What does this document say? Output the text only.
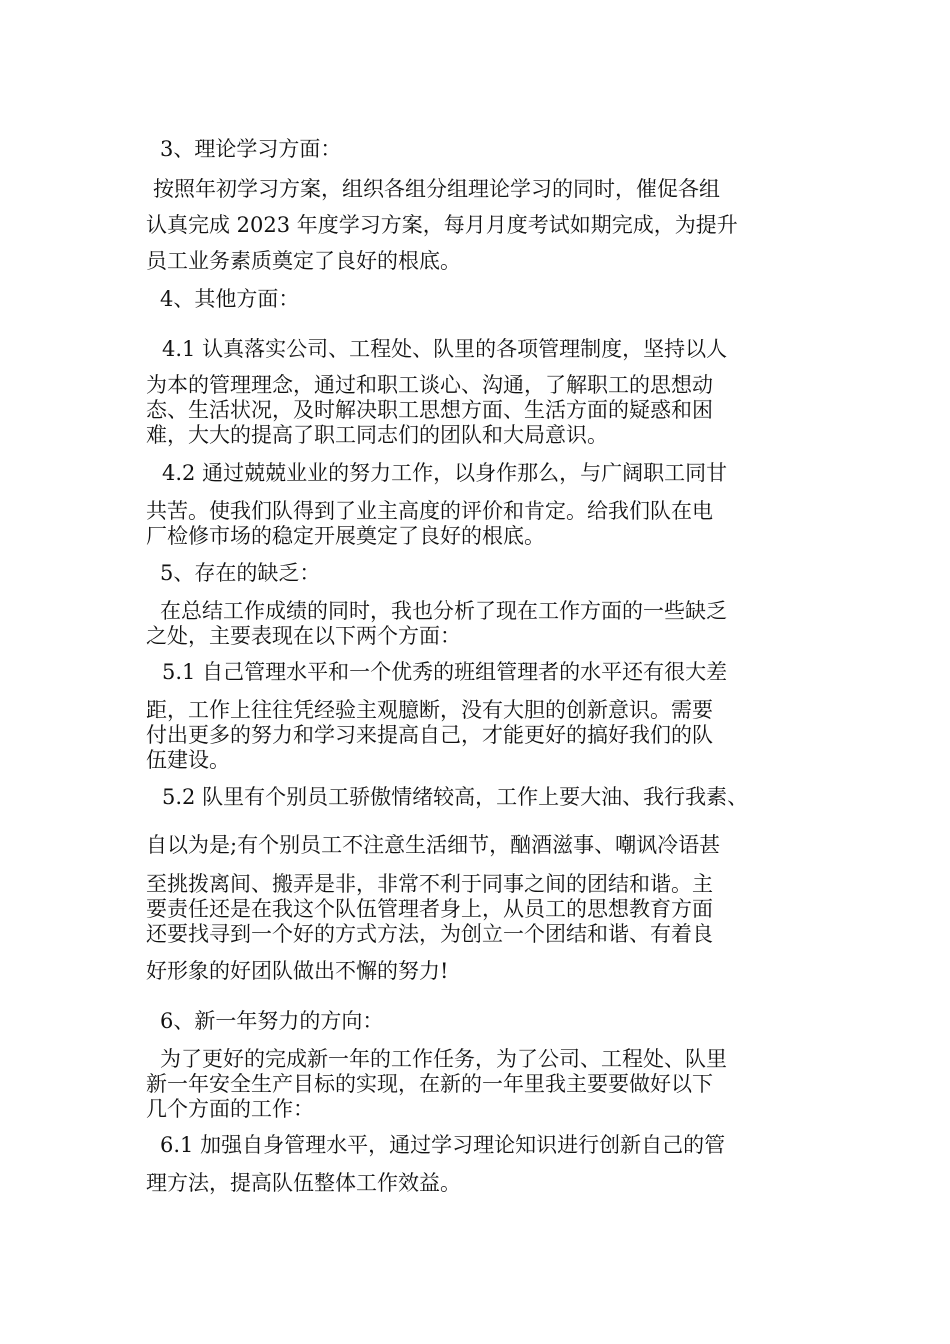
3、理论学习方面：
按照年初学习方案，组织各组分组理论学习的同时，催促各组
认真完成 2023 年度学习方案，每月月度考试如期完成，为提升
员工业务素质奠定了良好的根底。
4、其他方面：
4.1 认真落实公司、工程处、队里的各项管理制度，坚持以人
为本的管理理念，通过和职工谈心、沟通，了解职工的思想动
态、生活状况，及时解决职工思想方面、生活方面的疑惑和困
难，大大的提高了职工同志们的团队和大局意识。
4.2 通过兢兢业业的努力工作，以身作那么，与广阔职工同甘
共苦。使我们队得到了业主高度的评价和肯定。给我们队在电
厂检修市场的稳定开展奠定了良好的根底。
5、存在的缺乏：
在总结工作成绩的同时，我也分析了现在工作方面的一些缺乏
之处，主要表现在以下两个方面：
5.1 自己管理水平和一个优秀的班组管理者的水平还有很大差
距，工作上往往凭经验主观臆断，没有大胆的创新意识。需要
付出更多的努力和学习来提高自己，才能更好的搞好我们的队
伍建设。
5.2 队里有个别员工骄傲情绪较高，工作上要大油、我行我素、
自以为是;有个别员工不注意生活细节，酗酒滋事、嘲讽冷语甚
至挑拨离间、搬弄是非，非常不利于同事之间的团结和谐。主
要责任还是在我这个队伍管理者身上，从员工的思想教育方面
还要找寻到一个好的方式方法，为创立一个团结和谐、有着良
好形象的好团队做出不懈的努力!
6、新一年努力的方向：
为了更好的完成新一年的工作任务，为了公司、工程处、队里
新一年安全生产目标的实现，在新的一年里我主要要做好以下
几个方面的工作：
6.1 加强自身管理水平，通过学习理论知识进行创新自己的管
理方法，提高队伍整体工作效益。
